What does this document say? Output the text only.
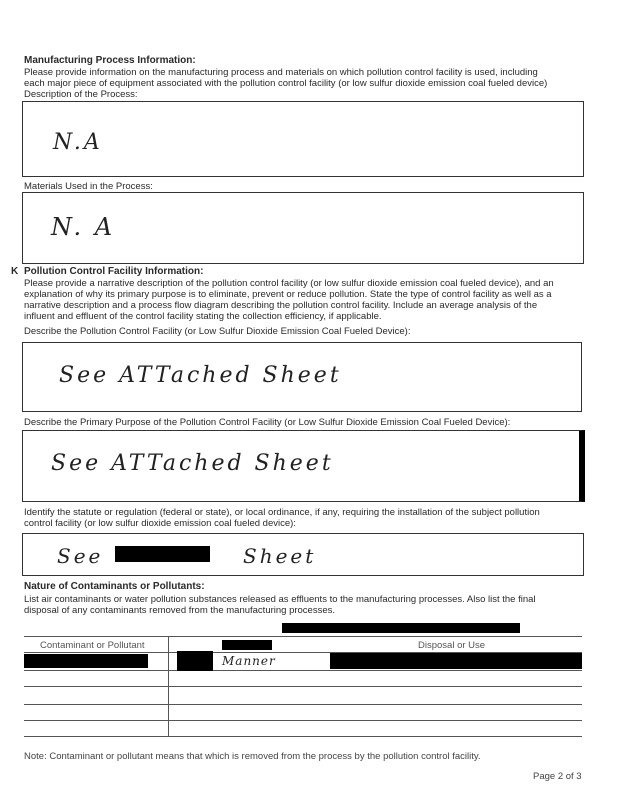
Manufacturing Process Information:
Please provide information on the manufacturing process and materials on which pollution control facility is used, including
each major piece of equipment associated with the pollution control facility (or low sulfur dioxide emission coal fueled device)
Description of the Process:
N.A
Materials Used in the Process:
N. A
K Pollution Control Facility Information:
Please provide a narrative description of the pollution control facility (or low sulfur dioxide emission coal fueled device), and an
explanation of why its primary purpose is to eliminate, prevent or reduce pollution. State the type of control facility as well as a
narrative description and a process flow diagram describing the pollution control facility. Include an average analysis of the
influent and effluent of the control facility stating the collection efficiency, if applicable.
Describe the Pollution Control Facility (or Low Sulfur Dioxide Emission Coal Fueled Device):
See ATTached Sheet
Describe the Primary Purpose of the Pollution Control Facility (or Low Sulfur Dioxide Emission Coal Fueled Device):
See ATTached Sheet
Identify the statute or regulation (federal or state), or local ordinance, if any, requiring the installation of the subject pollution
control facility (or low sulfur dioxide emission coal fueled device):
See	Sheet
Nature of Contaminants or Pollutants:
List air contaminants or water pollution substances released as effluents to the manufacturing processes. Also list the final
disposal of any contaminants removed from the manufacturing processes.
Contaminant or Pollutant	Disposal or Use
Manner
Note: Contaminant or pollutant means that which is removed from the process by the pollution control facility.
Page 2 of 3
